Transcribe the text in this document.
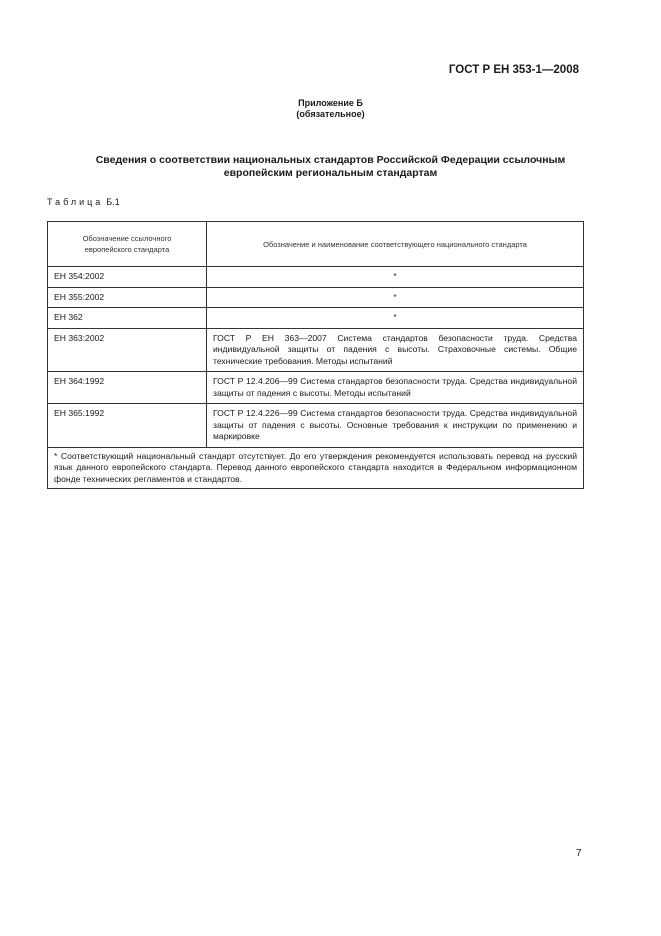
ГОСТ Р ЕН 353-1—2008
Приложение Б
(обязательное)
Сведения о соответствии национальных стандартов Российской Федерации ссылочным
европейским региональным стандартам
Таблица Б.1
Обозначение ссылочного
европейского стандарта	Обозначение и наименование соответствующего национального стандарта
ЕН 354:2002	*
ЕН 355:2002	*
ЕН 362	*
ЕН 363:2002	ГОСТ Р ЕН 363—2007 Система стандартов безопасности труда. Средства индивидуальной защиты от падения с высоты. Страховочные системы. Общие технические требования. Методы испытаний
ЕН 364:1992	ГОСТ Р 12.4.206—99 Система стандартов безопасности труда. Средства индивидуальной защиты от падения с высоты. Методы испытаний
ЕН 365:1992	ГОСТ Р 12.4.226—99 Система стандартов безопасности труда. Средства индивидуальной защиты от падения с высоты. Основные требования к инструкции по применению и маркировке
* Соответствующий национальный стандарт отсутствует. До его утверждения рекомендуется использовать перевод на русский язык данного европейского стандарта. Перевод данного европейского стандарта находится в Федеральном информационном фонде технических регламентов и стандартов.	
7
